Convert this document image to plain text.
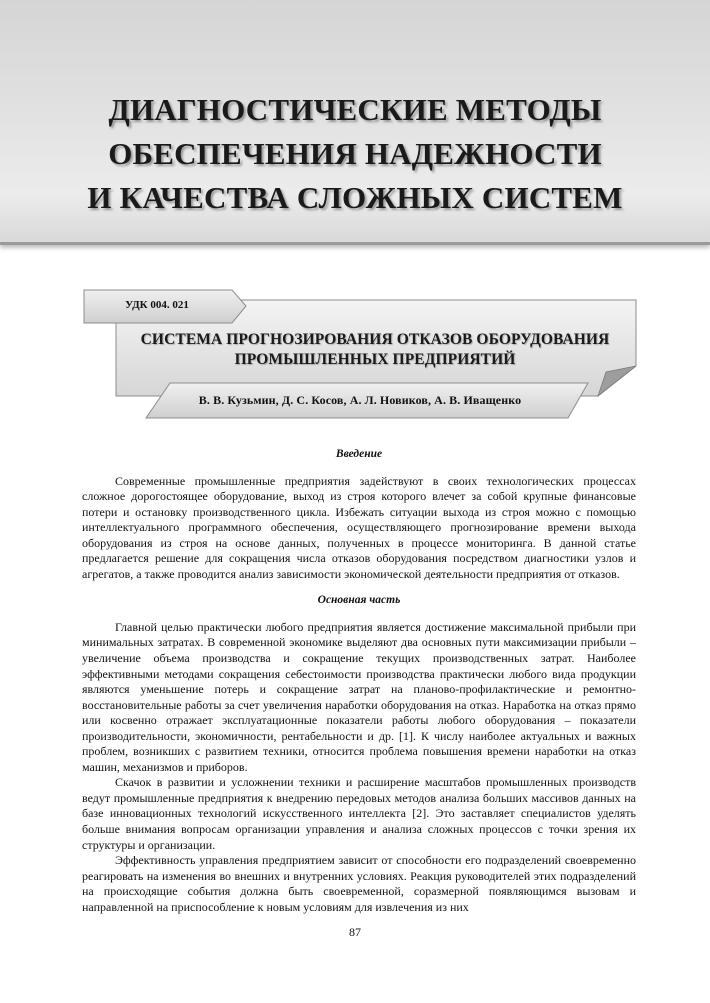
ДИАГНОСТИЧЕСКИЕ МЕТОДЫ
ОБЕСПЕЧЕНИЯ НАДЕЖНОСТИ
И КАЧЕСТВА СЛОЖНЫХ СИСТЕМ
УДК 004. 021
СИСТЕМА ПРОГНОЗИРОВАНИЯ ОТКАЗОВ ОБОРУДОВАНИЯ
ПРОМЫШЛЕННЫХ ПРЕДПРИЯТИЙ
В. В. Кузьмин, Д. С. Косов, А. Л. Новиков, А. В. Иващенко
Введение

Современные промышленные предприятия задействуют в своих технологических процессах сложное дорогостоящее оборудование, выход из строя которого влечет за собой крупные финансовые потери и остановку производственного цикла. Избежать ситуации выхода из строя можно с помощью интеллектуального программного обеспечения, осуществляющего прогнозирование времени выхода оборудования из строя на основе данных, полученных в процессе мониторинга. В данной статье предлагается решение для сокращения числа отказов оборудования посредством диагностики узлов и агрегатов, а также проводится анализ зависимости экономической деятельности предприятия от отказов.

Основная часть

Главной целью практически любого предприятия является достижение максимальной прибыли при минимальных затратах. В современной экономике выделяют два основных пути максимизации прибыли – увеличение объема производства и сокращение текущих производственных затрат. Наиболее эффективными методами сокращения себестоимости производства практически любого вида продукции являются уменьшение потерь и сокращение затрат на планово-профилактические и ремонтно-восстановительные работы за счет увеличения наработки оборудования на отказ. Наработка на отказ прямо или косвенно отражает эксплуатационные показатели работы любого оборудования – показатели производительности, экономичности, рентабельности и др. [1]. К числу наиболее актуальных и важных проблем, возникших с развитием техники, относится проблема повышения времени наработки на отказ машин, механизмов и приборов.

Скачок в развитии и усложнении техники и расширение масштабов промышленных производств ведут промышленные предприятия к внедрению передовых методов анализа больших массивов данных на базе инновационных технологий искусственного интеллекта [2]. Это заставляет специалистов уделять больше внимания вопросам организации управления и анализа сложных процессов с точки зрения их структуры и организации.

Эффективность управления предприятием зависит от способности его подразделений своевременно реагировать на изменения во внешних и внутренних условиях. Реакция руководителей этих подразделений на происходящие события должна быть своевременной, соразмерной появляющимся вызовам и направленной на приспособление к новым условиям для извлечения из них

87
